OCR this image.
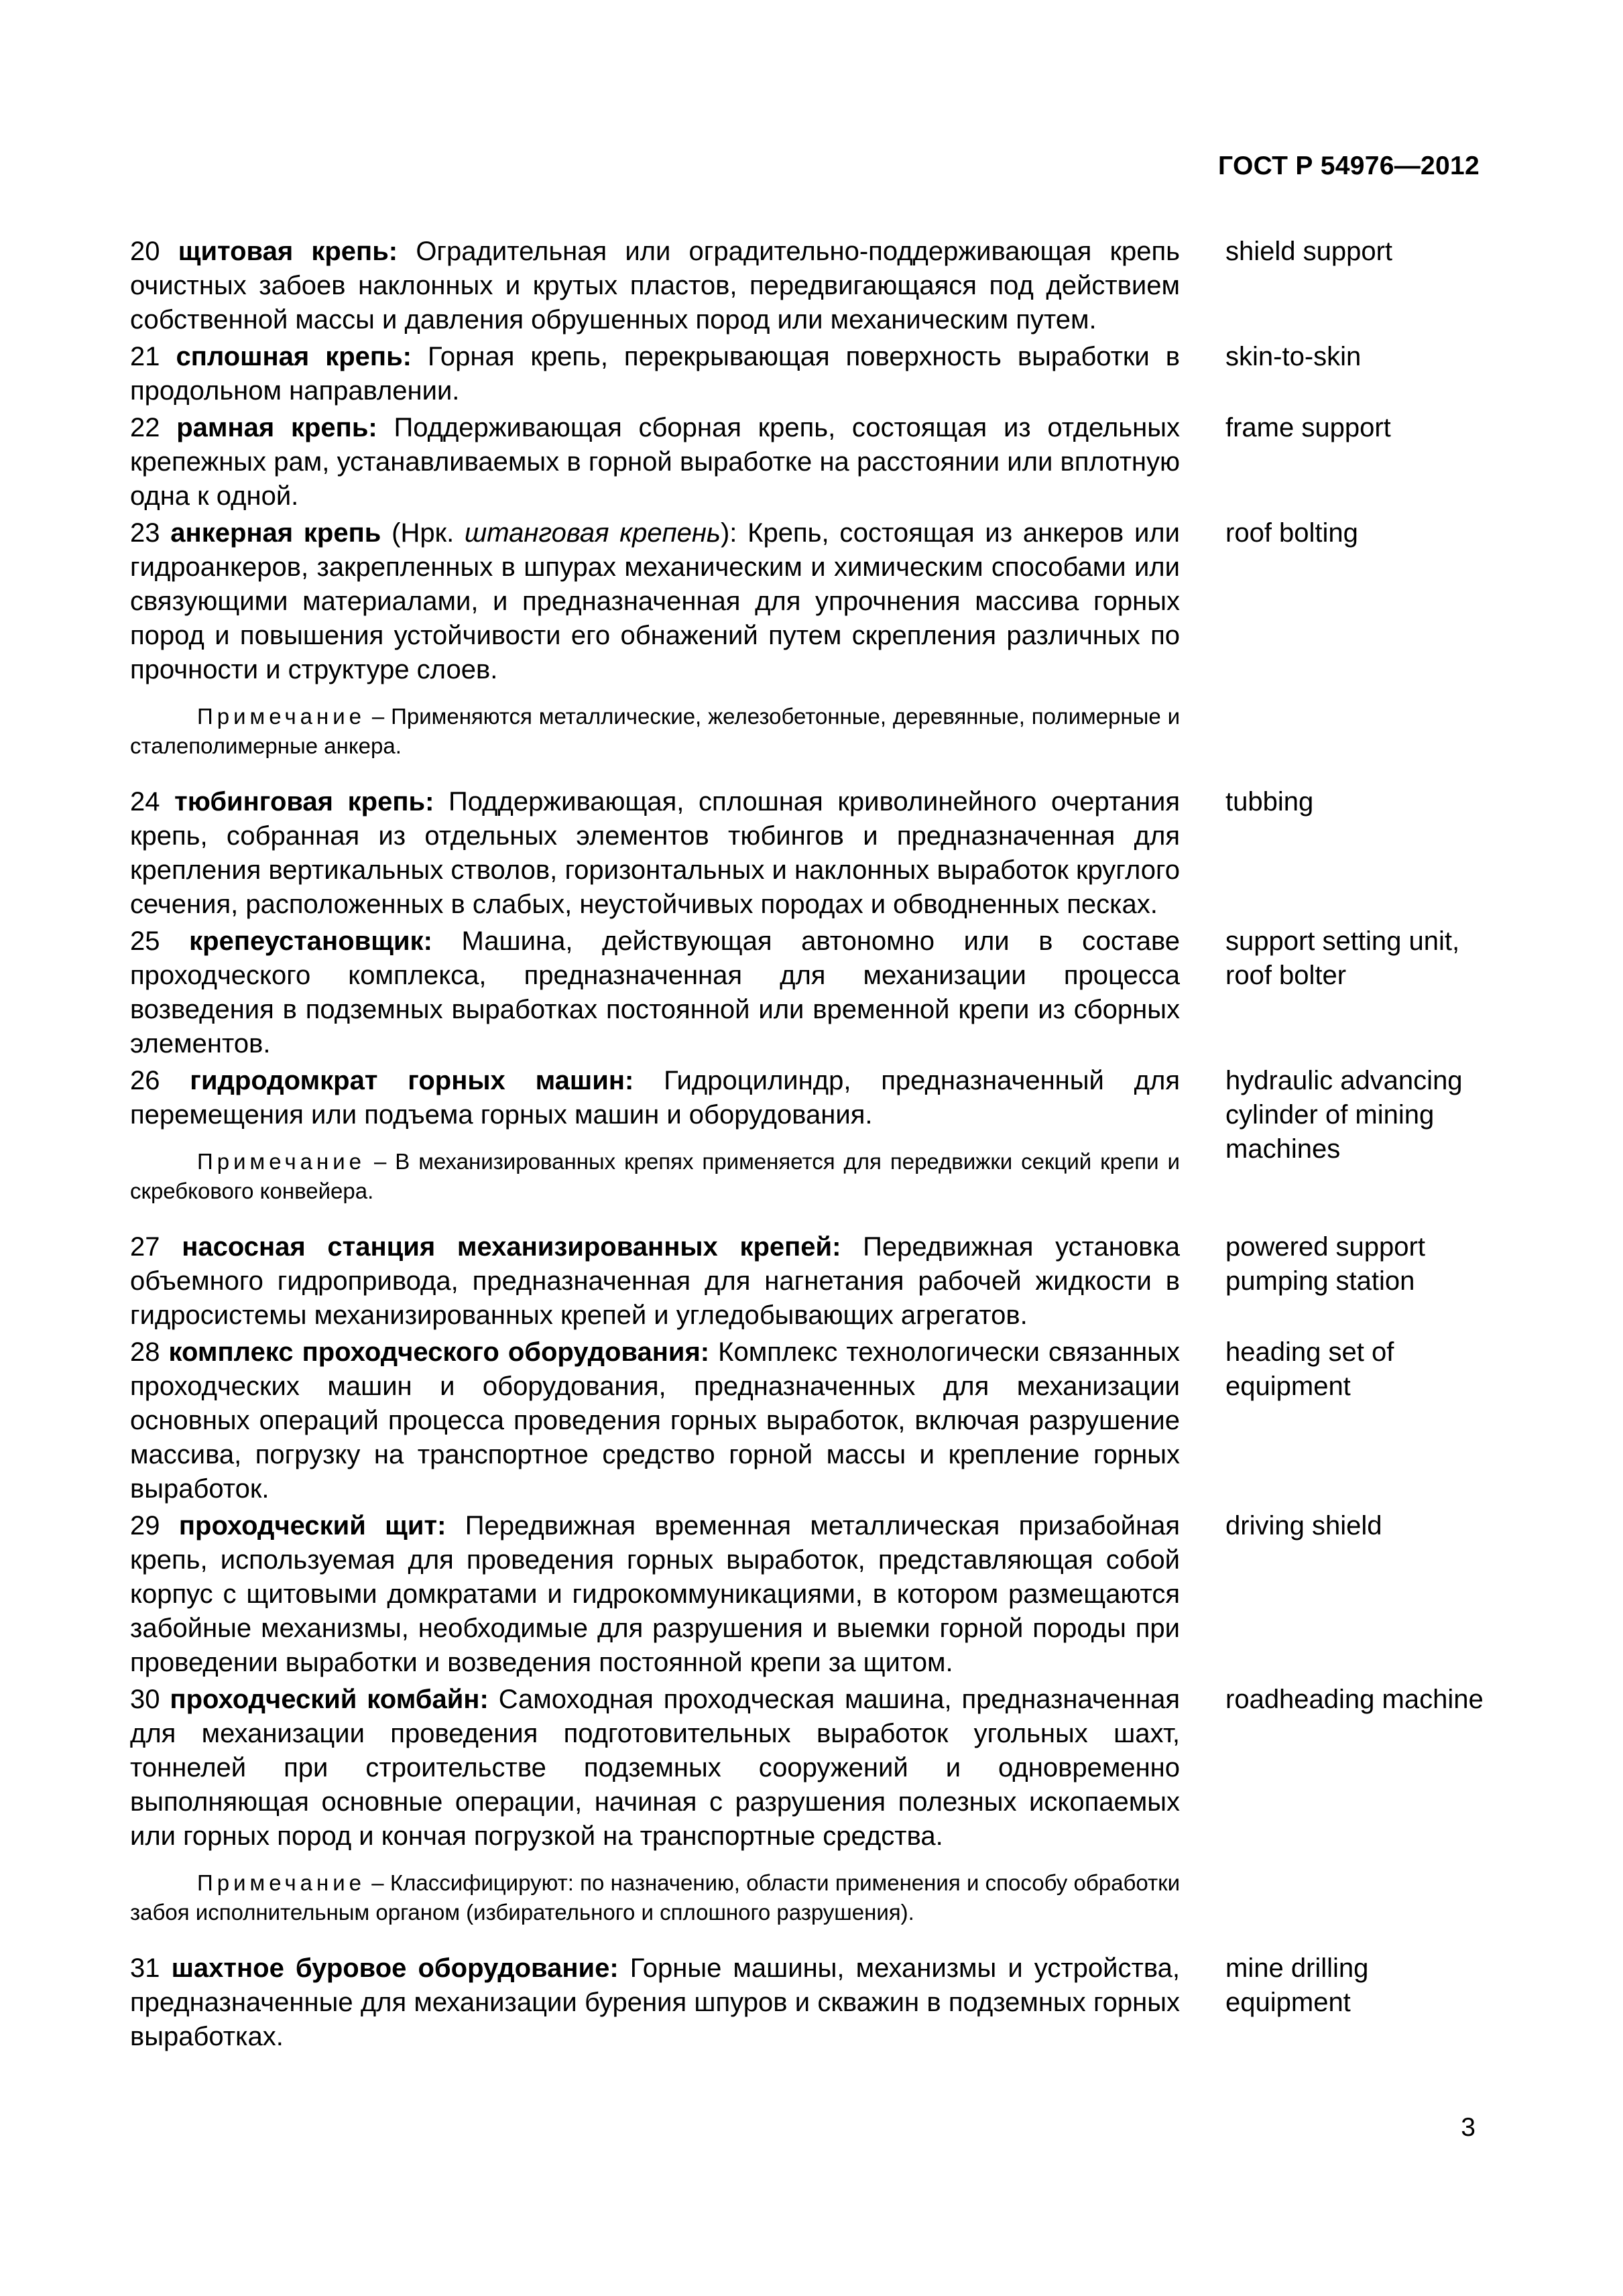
ГОСТ Р 54976—2012
20 щитовая крепь: Оградительная или оградительно-поддерживающая крепь очистных забоев наклонных и крутых пластов, передвигающаяся под действием собственной массы и давления обрушенных пород или механическим путем.
shield support
21 сплошная крепь: Горная крепь, перекрывающая поверхность выработки в продольном направлении.
skin-to-skin
22 рамная крепь: Поддерживающая сборная крепь, состоящая из отдельных крепежных рам, устанавливаемых в горной выработке на расстоянии или вплотную одна к одной.
frame support
23 анкерная крепь (Нрк. штанговая крепень): Крепь, состоящая из анкеров или гидроанкеров, закрепленных в шпурах механическим и химическим способами или связующими материалами, и предназначенная для упрочнения массива горных пород и повышения устойчивости его обнажений путем скрепления различных по прочности и структуре слоев.
roof bolting
Примечание – Применяются металлические, железобетонные, деревянные, полимерные и сталеполимерные анкера.
24 тюбинговая крепь: Поддерживающая, сплошная криволинейного очертания крепь, собранная из отдельных элементов тюбингов и предназначенная для крепления вертикальных стволов, горизонтальных и наклонных выработок круглого сечения, расположенных в слабых, неустойчивых породах и обводненных песках.
tubbing
25 крепеустановщик: Машина, действующая автономно или в составе проходческого комплекса, предназначенная для механизации процесса возведения в подземных выработках постоянной или временной крепи из сборных элементов.
support setting unit, roof bolter
26 гидродомкрат горных машин: Гидроцилиндр, предназначенный для перемещения или подъема горных машин и оборудования.
Примечание – В механизированных крепях применяется для передвижки секций крепи и скребкового конвейера.
hydraulic advancing cylinder of mining machines
27 насосная станция механизированных крепей: Передвижная установка объемного гидропривода, предназначенная для нагнетания рабочей жидкости в гидросистемы механизированных крепей и угледобывающих агрегатов.
powered support pumping station
28 комплекс проходческого оборудования: Комплекс технологически связанных проходческих машин и оборудования, предназначенных для механизации основных операций процесса проведения горных выработок, включая разрушение массива, погрузку на транспортное средство горной массы и крепление горных выработок.
heading set of equipment
29 проходческий щит: Передвижная временная металлическая призабойная крепь, используемая для проведения горных выработок, представляющая собой корпус с щитовыми домкратами и гидрокоммуникациями, в котором размещаются забойные механизмы, необходимые для разрушения и выемки горной породы при проведении выработки и возведения постоянной крепи за щитом.
driving shield
30 проходческий комбайн: Самоходная проходческая машина, предназначенная для механизации проведения подготовительных выработок угольных шахт, тоннелей при строительстве подземных сооружений и одновременно выполняющая основные операции, начиная с разрушения полезных ископаемых или горных пород и кончая погрузкой на транспортные средства.
roadheading machine
Примечание – Классифицируют: по назначению, области применения и способу обработки забоя исполнительным органом (избирательного и сплошного разрушения).
31 шахтное буровое оборудование: Горные машины, механизмы и устройства, предназначенные для механизации бурения шпуров и скважин в подземных горных выработках.
mine drilling equipment
3
